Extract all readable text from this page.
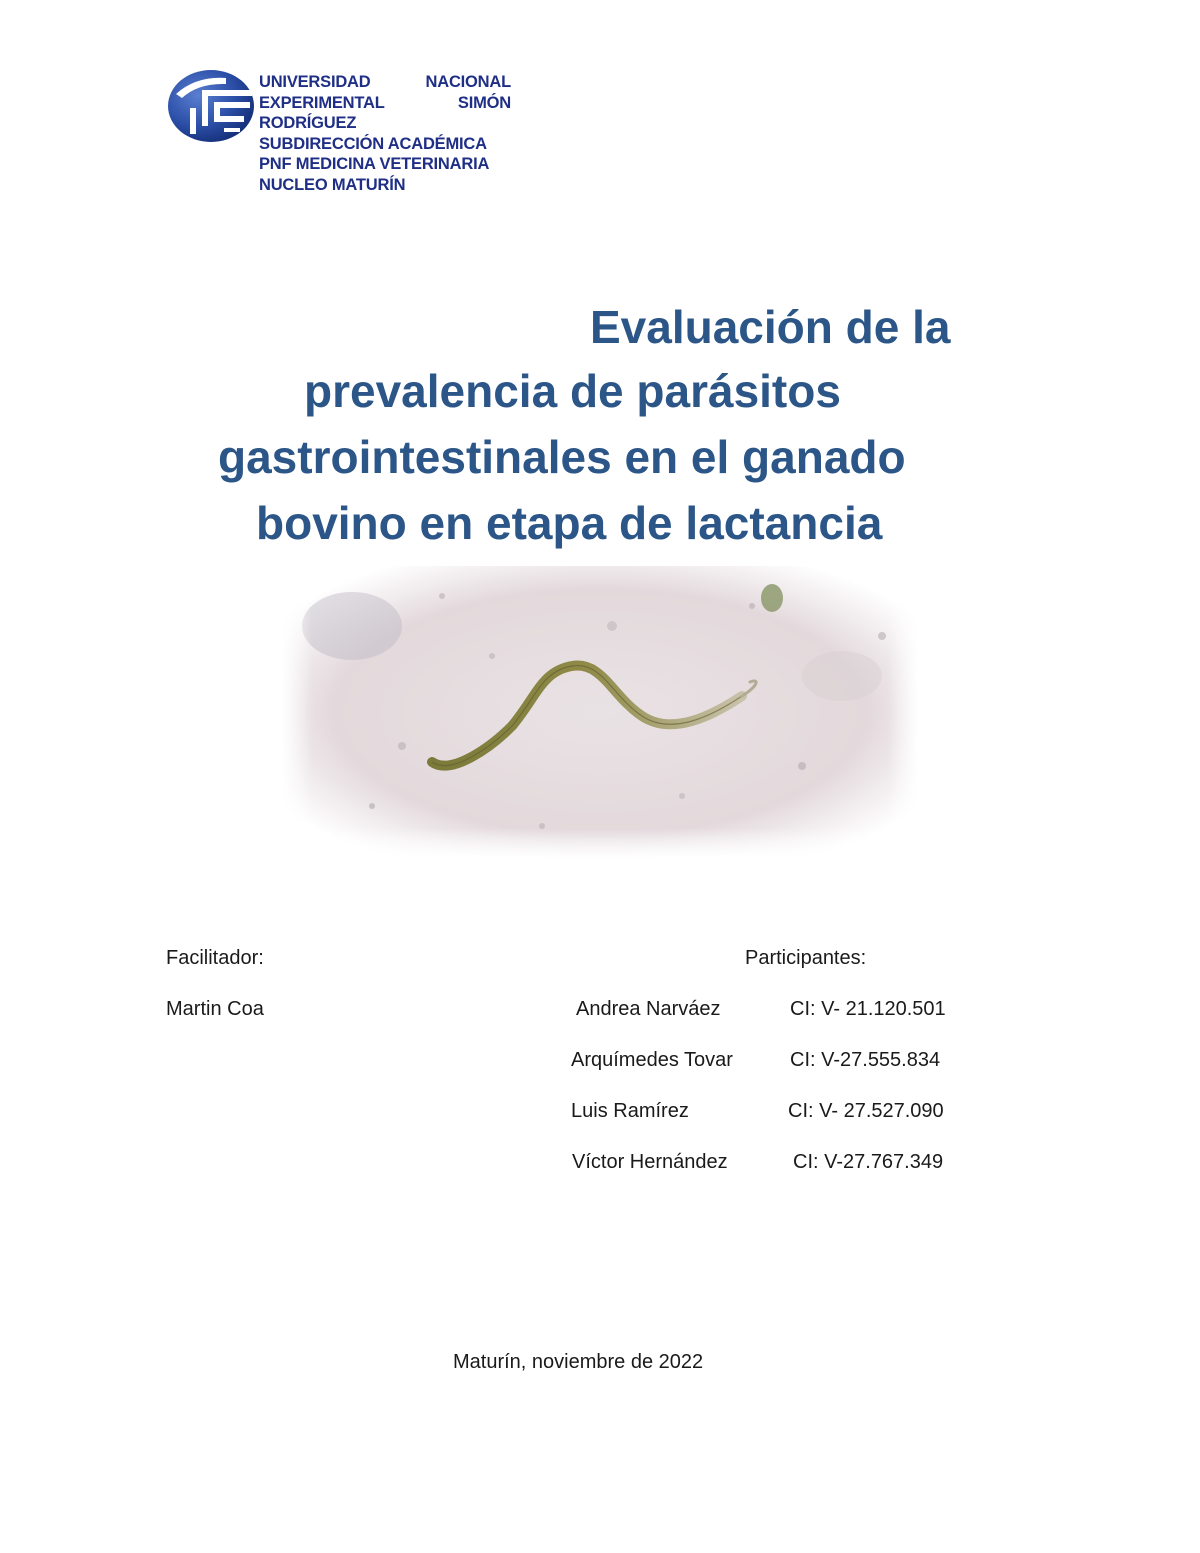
UNIVERSIDAD	NACIONAL
EXPERIMENTAL	SIMÓN
RODRÍGUEZ
SUBDIRECCIÓN ACADÉMICA
PNF MEDICINA VETERINARIA
NUCLEO MATURÍN
Evaluación de la
prevalencia de parásitos
gastrointestinales en el ganado
bovino en etapa de lactancia
Facilitador:
Martin Coa
Participantes:
Andrea Narváez	CI: V- 21.120.501
Arquímedes Tovar	CI: V-27.555.834
Luis Ramírez	CI: V- 27.527.090
Víctor Hernández	CI: V-27.767.349
Maturín, noviembre de 2022
